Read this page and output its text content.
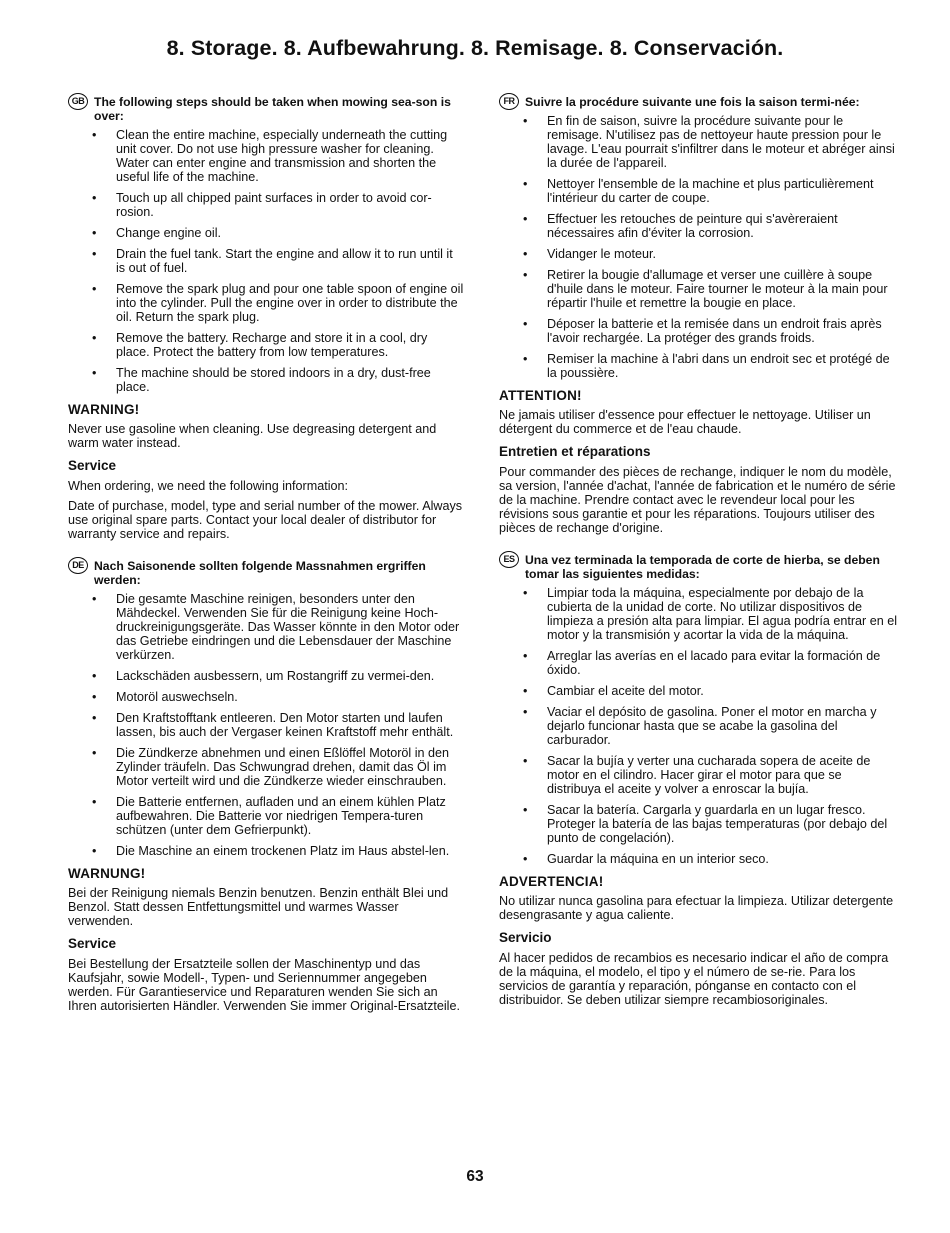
8. Storage. 8. Aufbewahrung. 8. Remisage. 8. Conservación.
GB The following steps should be taken when mowing sea-son is over:
• Clean the entire machine, especially underneath the cutting unit cover. Do not use high pressure washer for cleaning. Water can enter engine and transmission and shorten the useful life of the machine.
• Touch up all chipped paint surfaces in order to avoid cor-rosion.
• Change engine oil.
• Drain the fuel tank. Start the engine and allow it to run until it is out of fuel.
• Remove the spark plug and pour one table spoon of engine oil into the cylinder. Pull the engine over in order to distribute the oil. Return the spark plug.
• Remove the battery. Recharge and store it in a cool, dry place. Protect the battery from low temperatures.
• The machine should be stored indoors in a dry, dust-free place.
WARNING!

Never use gasoline when cleaning. Use degreasing detergent and warm water instead.

Service

When ordering, we need the following information:

Date of purchase, model, type and serial number of the mower. Always use original spare parts. Contact your local dealer of distributor for warranty service and repairs.

DE Nach Saisonende sollten folgende Massnahmen ergriffen werden:
• Die gesamte Maschine reinigen, besonders unter den Mähdeckel. Verwenden Sie für die Reinigung keine Hoch-druckreinigungsgeräte. Das Wasser könnte in den Motor oder das Getriebe eindringen und die Lebensdauer der Maschine verkürzen.
• Lackschäden ausbessern, um Rostangriff zu vermei-den.
• Motoröl auswechseln.
• Den Kraftstofftank entleeren. Den Motor starten und laufen lassen, bis auch der Vergaser keinen Kraftstoff mehr enthält.
• Die Zündkerze abnehmen und einen Eßlöffel Motoröl in den Zylinder träufeln. Das Schwungrad drehen, damit das Öl im Motor verteilt wird und die Zündkerze wieder einschrauben.
• Die Batterie entfernen, aufladen und an einem kühlen Platz aufbewahren. Die Batterie vor niedrigen Tempera-turen schützen (unter dem Gefrierpunkt).
• Die Maschine an einem trockenen Platz im Haus abstel-len.
WARNUNG!

Bei der Reinigung niemals Benzin benutzen. Benzin enthält Blei und Benzol. Statt dessen Entfettungsmittel und warmes Wasser verwenden.

Service

Bei Bestellung der Ersatzteile sollen der Maschinentyp und das Kaufsjahr, sowie Modell-, Typen- und Seriennummer angegeben werden. Für Garantieservice und Reparaturen wenden Sie sich an Ihren autorisierten Händler. Verwenden Sie immer Original-Ersatzteile.

FR Suivre la procédure suivante une fois la saison termi-née:
• En fin de saison, suivre la procédure suivante pour le remisage. N'utilisez pas de nettoyeur haute pression pour le lavage. L'eau pourrait s'infiltrer dans le moteur et abréger ainsi la durée de l'appareil.
• Nettoyer l'ensemble de la machine et plus particulièrement l'intérieur du carter de coupe.
• Effectuer les retouches de peinture qui s'avèreraient nécessaires afin d'éviter la corrosion.
• Vidanger le moteur.
• Retirer la bougie d'allumage et verser une cuillère à soupe d'huile dans le moteur. Faire tourner le moteur à la main pour répartir l'huile et remettre la bougie en place.
• Déposer la batterie et la remisée dans un endroit frais après l'avoir rechargée. La protéger des grands froids.
• Remiser la machine à l'abri dans un endroit sec et protégé de la poussière.
ATTENTION!

Ne jamais utiliser d'essence pour effectuer le nettoyage. Utiliser un détergent du commerce et de l'eau chaude.

Entretien et réparations

Pour commander des pièces de rechange, indiquer le nom du modèle, sa version, l'année d'achat, l'année de fabrication et le numéro de série de la machine. Prendre contact avec le revendeur local pour les révisions sous garantie et pour les réparations. Toujours utiliser des pièces de rechange d'origine.

ES Una vez terminada la temporada de corte de hierba, se deben tomar las siguientes medidas:
• Limpiar toda la máquina, especialmente por debajo de la cubierta de la unidad de corte. No utilizar dispositivos de limpieza a presión alta para limpiar. El agua podría entrar en el motor y la transmisión y acortar la vida de la máquina.
• Arreglar las averías en el lacado para evitar la formación de óxido.
• Cambiar el aceite del motor.
• Vaciar el depósito de gasolina. Poner el motor en marcha y dejarlo funcionar hasta que se acabe la gasolina del carburador.
• Sacar la bujía y verter una cucharada sopera de aceite de motor en el cilindro. Hacer girar el motor para que se distribuya el aceite y volver a enroscar la bujía.
• Sacar la batería. Cargarla y guardarla en un lugar fresco. Proteger la batería de las bajas temperaturas (por debajo del punto de congelación).
• Guardar la máquina en un interior seco.
ADVERTENCIA!

No utilizar nunca gasolina para efectuar la limpieza. Utilizar detergente desengrasante y agua caliente.

Servicio

Al hacer pedidos de recambios es necesario indicar el año de compra de la máquina, el modelo, el tipo y el número de se-rie. Para los servicios de garantía y reparación, pónganse en contacto con el distribuidor. Se deben utilizar siempre recambiosoriginales.

63
